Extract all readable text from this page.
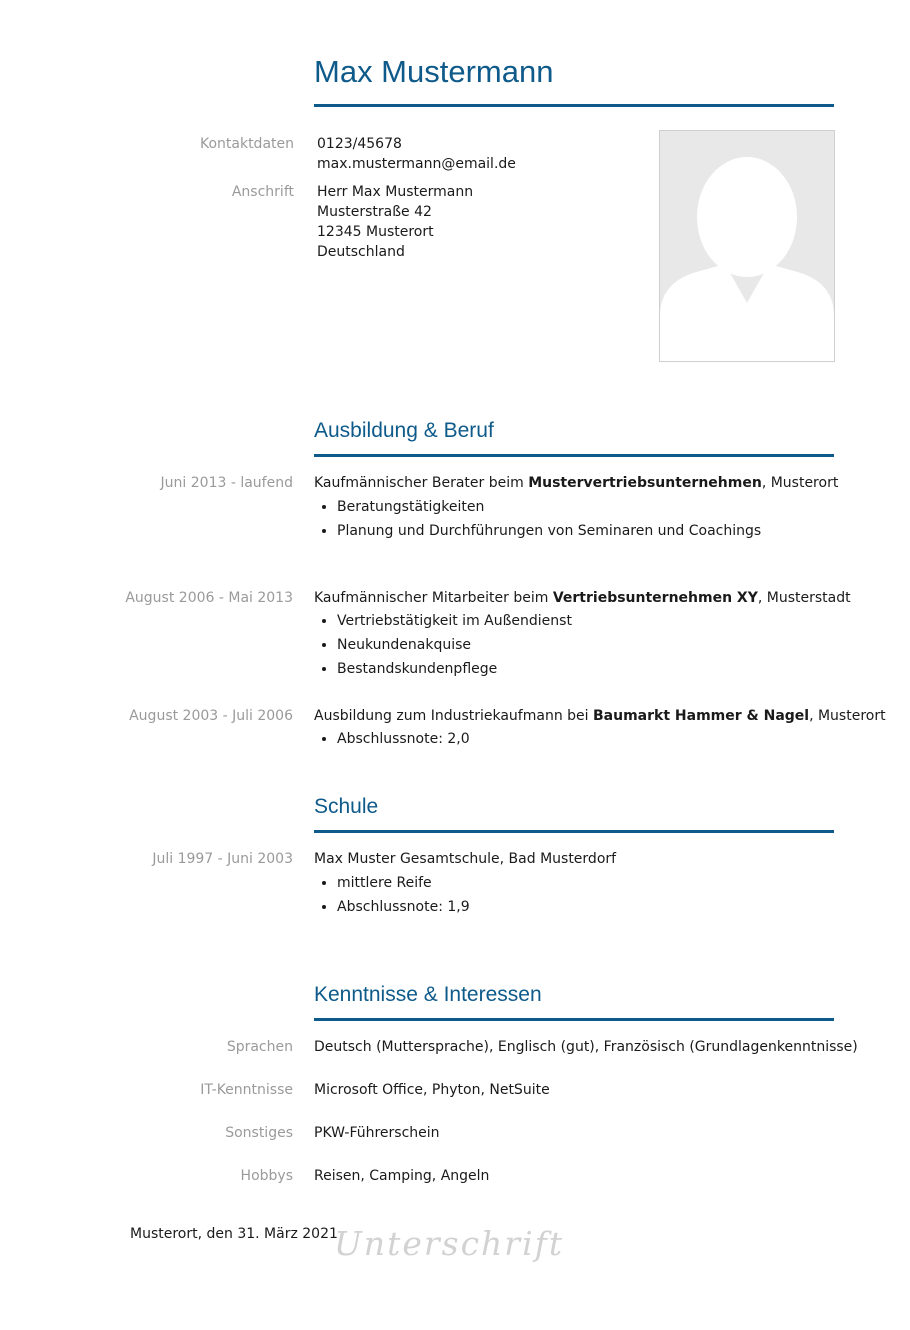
Max Mustermann
Kontaktdaten 0123/45678
max.mustermann@email.de
Anschrift Herr Max Mustermann
Musterstraße 42
12345 Musterort
Deutschland
Ausbildung & Beruf
Juni 2013 - laufend Kaufmännischer Berater beim Mustervertriebsunternehmen, Musterort
• Beratungstätigkeiten
• Planung und Durchführungen von Seminaren und Coachings
August 2006 - Mai 2013 Kaufmännischer Mitarbeiter beim Vertriebsunternehmen XY, Musterstadt
• Vertriebstätigkeit im Außendienst
• Neukundenakquise
• Bestandskundenpflege
August 2003 - Juli 2006 Ausbildung zum Industriekaufmann bei Baumarkt Hammer & Nagel, Musterort
• Abschlussnote: 2,0
Schule
Juli 1997 - Juni 2003 Max Muster Gesamtschule, Bad Musterdorf
• mittlere Reife
• Abschlussnote: 1,9
Kenntnisse & Interessen
Sprachen Deutsch (Muttersprache), Englisch (gut), Französisch (Grundlagenkenntnisse)
IT-Kenntnisse Microsoft Office, Phyton, NetSuite
Sonstiges PKW-Führerschein
Hobbys Reisen, Camping, Angeln
Musterort, den 31. März 2021
Unterschrift
